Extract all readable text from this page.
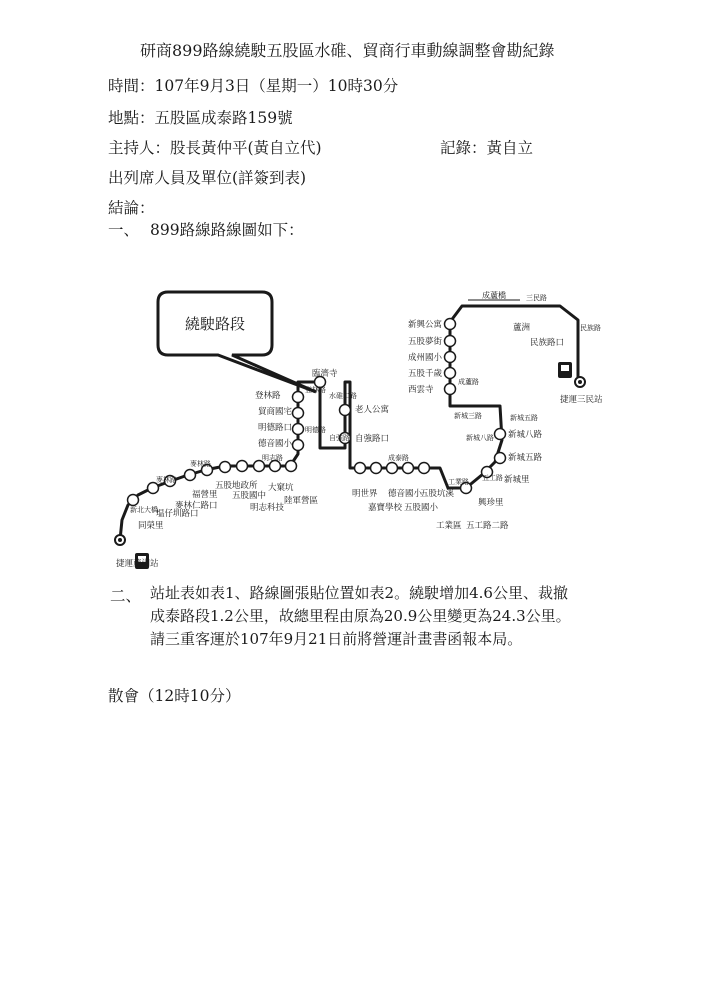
研商899路線繞駛五股區水碓、貿商行車動線調整會勘紀錄
時間：107年9月3日（星期一）10時30分
地點：五股區成泰路159號
主持人：股長黃仲平(黃自立代)	記錄：黃自立
出列席人員及單位(詳簽到表)
結論：
一、 899路線路線圖如下：
繞駛路段
捷運蘆洲站
同榮里
塭仔圳路口
麥林仁路口
福營里
五股地政所
五股國中
明志科技
大窠坑
陸軍營區
登林路
貿商國宅
明德路口
德音國小
臨濟寺
老人公寓
自強路口
明世界
嘉寶學校
德音國小
五股國小
五股坑溪
工業區 五工路二路
興珍里
新城里
新城八路
新城五路
新興公寓
五股夢街
成州國小
五股千歲
西雲寺
蘆洲
民族路口
捷運三民站
新北大橋
麥林路
麥林路
明志路
登林路
明德路
水碓二路
自強路
成泰路
成蘆路
工業路
新城三路
新城八路
成蘆橋	三民路
民族路
五工路
新城五路
二、 站址表如表1、路線圖張貼位置如表2。繞駛增加4.6公里、裁撤
成泰路段1.2公里，故總里程由原為20.9公里變更為24.3公里。
請三重客運於107年9月21日前將營運計畫書函報本局。
散會（12時10分）
